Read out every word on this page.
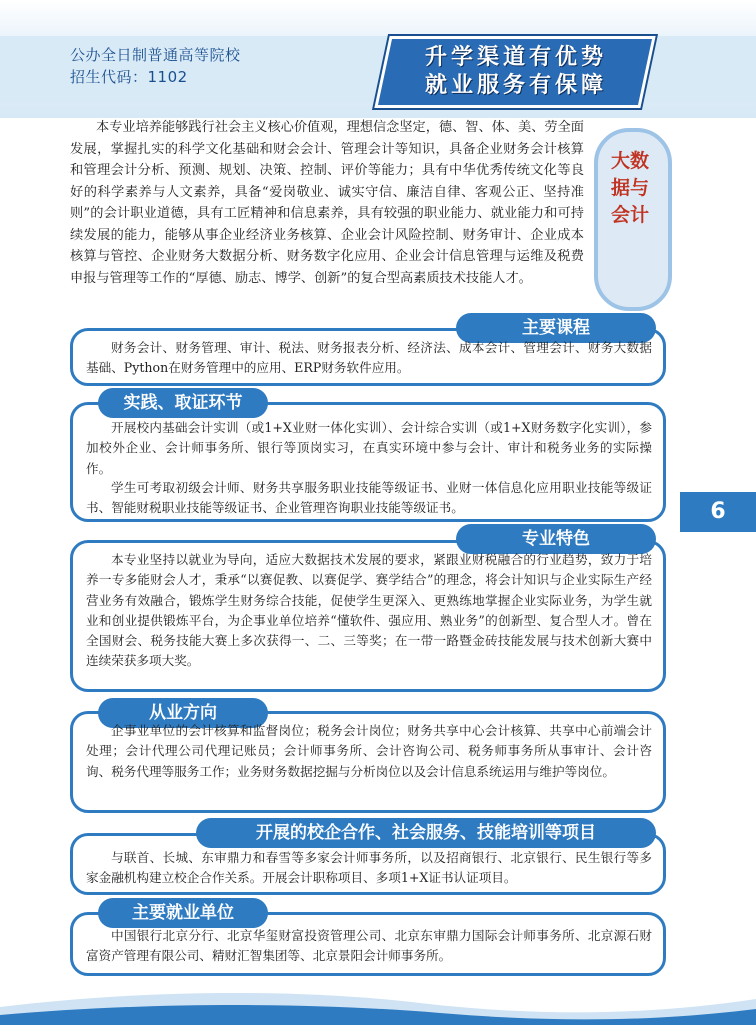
公办全日制普通高等院校
招生代码：1102
升学渠道有优势
就业服务有保障
大数据与会计
本专业培养能够践行社会主义核心价值观，理想信念坚定，德、智、体、美、劳全面发展，掌握扎实的科学文化基础和财会会计、管理会计等知识，具备企业财务会计核算和管理会计分析、预测、规划、决策、控制、评价等能力；具有中华优秀传统文化等良好的科学素养与人文素养，具备“爱岗敬业、诚实守信、廉洁自律、客观公正、坚持准则”的会计职业道德，具有工匠精神和信息素养，具有较强的职业能力、就业能力和可持续发展的能力，能够从事企业经济业务核算、企业会计风险控制、财务审计、企业成本核算与管控、企业财务大数据分析、财务数字化应用、企业会计信息管理与运维及税费申报与管理等工作的“厚德、励志、博学、创新”的复合型高素质技术技能人才。
主要课程
财务会计、财务管理、审计、税法、财务报表分析、经济法、成本会计、管理会计、财务大数据基础、Python在财务管理中的应用、ERP财务软件应用。
实践、取证环节
开展校内基础会计实训（或1+X业财一体化实训）、会计综合实训（或1+X财务数字化实训），参加校外企业、会计师事务所、银行等顶岗实习，在真实环境中参与会计、审计和税务业务的实际操作。
学生可考取初级会计师、财务共享服务职业技能等级证书、业财一体信息化应用职业技能等级证书、智能财税职业技能等级证书、企业管理咨询职业技能等级证书。
专业特色
本专业坚持以就业为导向，适应大数据技术发展的要求，紧跟业财税融合的行业趋势，致力于培养一专多能财会人才，秉承“以赛促教、以赛促学、赛学结合”的理念，将会计知识与企业实际生产经营业务有效融合，锻炼学生财务综合技能，促使学生更深入、更熟练地掌握企业实际业务，为学生就业和创业提供锻炼平台，为企事业单位培养“懂软件、强应用、熟业务”的创新型、复合型人才。曾在全国财会、税务技能大赛上多次获得一、二、三等奖；在一带一路暨金砖技能发展与技术创新大赛中连续荣获多项大奖。
从业方向
企事业单位的会计核算和监督岗位；税务会计岗位；财务共享中心会计核算、共享中心前端会计处理；会计代理公司代理记账员；会计师事务所、会计咨询公司、税务师事务所从事审计、会计咨询、税务代理等服务工作；业务财务数据挖掘与分析岗位以及会计信息系统运用与维护等岗位。
开展的校企合作、社会服务、技能培训等项目
与联首、长城、东审鼎力和春雪等多家会计师事务所，以及招商银行、北京银行、民生银行等多家金融机构建立校企合作关系。开展会计职称项目、多项1+X证书认证项目。
主要就业单位
中国银行北京分行、北京华玺财富投资管理公司、北京东审鼎力国际会计师事务所、北京源石财富资产管理有限公司、精财汇智集团等、北京景阳会计师事务所。
6
